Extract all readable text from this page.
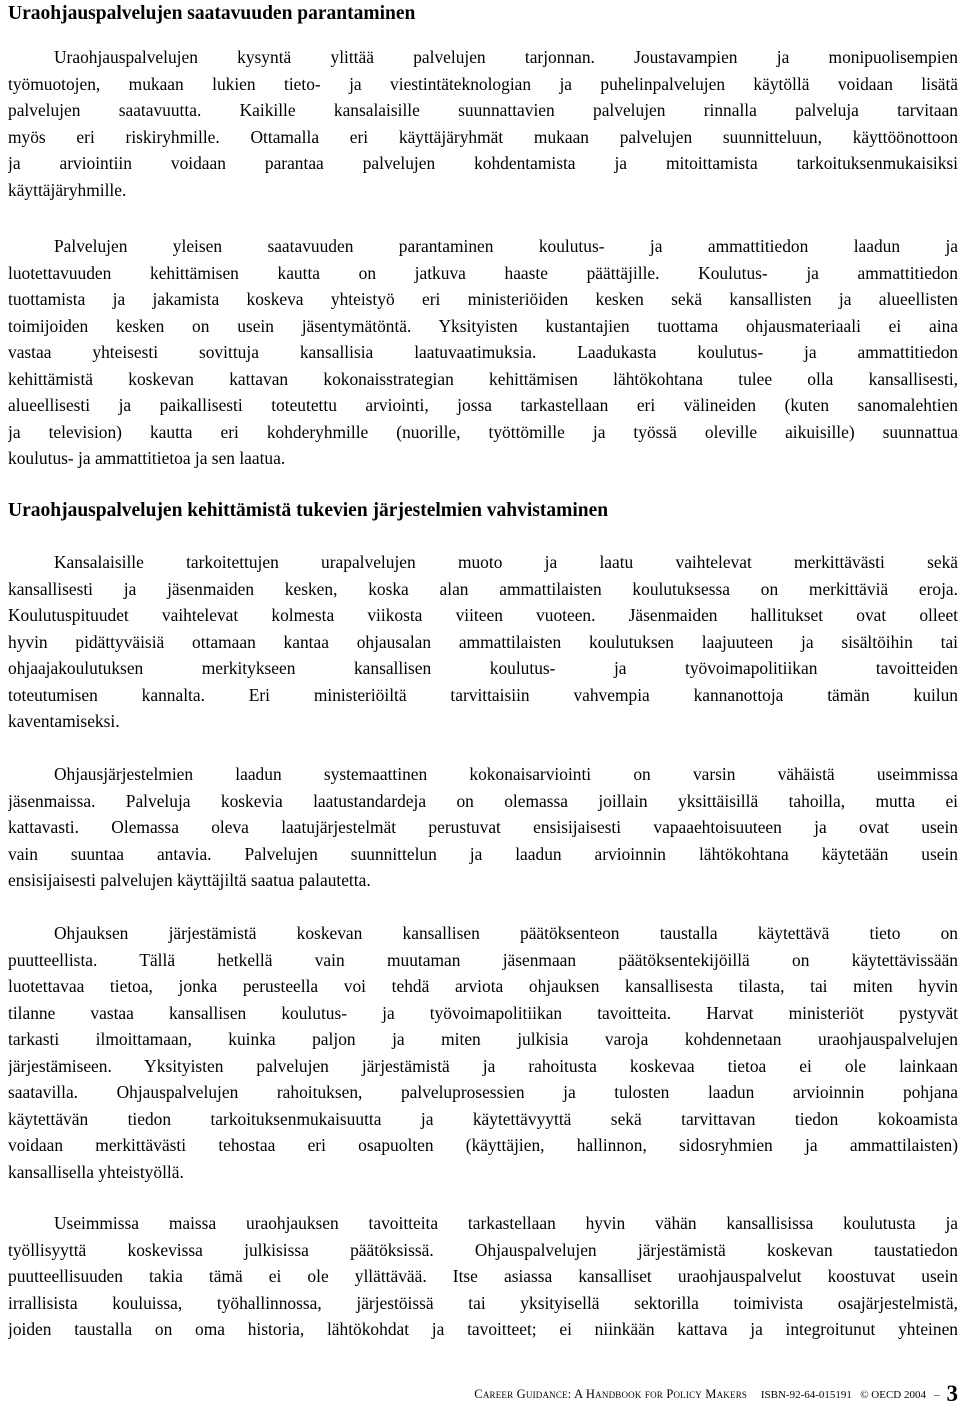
Uraohjauspalvelujen saatavuuden parantaminen
Uraohjauspalvelujen kysyntä ylittää palvelujen tarjonnan. Joustavampien ja monipuolisempien
työmuotojen, mukaan lukien tieto- ja viestintäteknologian ja puhelinpalvelujen käytöllä voidaan lisätä
palvelujen saatavuutta. Kaikille kansalaisille suunnattavien palvelujen rinnalla palveluja tarvitaan
myös eri riskiryhmille. Ottamalla eri käyttäjäryhmät mukaan palvelujen suunnitteluun, käyttöönottoon
ja arviointiin voidaan parantaa palvelujen kohdentamista ja mitoittamista tarkoituksenmukaisiksi
käyttäjäryhmille.
Palvelujen yleisen saatavuuden parantaminen koulutus- ja ammattitiedon laadun ja
luotettavuuden kehittämisen kautta on jatkuva haaste päättäjille. Koulutus- ja ammattitiedon
tuottamista ja jakamista koskeva yhteistyö eri ministeriöiden kesken sekä kansallisten ja alueellisten
toimijoiden kesken on usein jäsentymätöntä. Yksityisten kustantajien tuottama ohjausmateriaali ei aina
vastaa yhteisesti sovittuja kansallisia laatuvaatimuksia. Laadukasta koulutus- ja ammattitiedon
kehittämistä koskevan kattavan kokonaisstrategian kehittämisen lähtökohtana tulee olla kansallisesti,
alueellisesti ja paikallisesti toteutettu arviointi, jossa tarkastellaan eri välineiden (kuten sanomalehtien
ja television) kautta eri kohderyhmille (nuorille, työttömille ja työssä oleville aikuisille) suunnattua
koulutus- ja ammattitietoa ja sen laatua.
Uraohjauspalvelujen kehittämistä tukevien järjestelmien vahvistaminen
Kansalaisille tarkoitettujen urapalvelujen muoto ja laatu vaihtelevat merkittävästi sekä
kansallisesti ja jäsenmaiden kesken, koska alan ammattilaisten koulutuksessa on merkittäviä eroja.
Koulutuspituudet vaihtelevat kolmesta viikosta viiteen vuoteen. Jäsenmaiden hallitukset ovat olleet
hyvin pidättyväisiä ottamaan kantaa ohjausalan ammattilaisten koulutuksen laajuuteen ja sisältöihin tai
ohjaajakoulutuksen merkitykseen kansallisen koulutus- ja työvoimapolitiikan tavoitteiden
toteutumisen kannalta. Eri ministeriöiltä tarvittaisiin vahvempia kannanottoja tämän kuilun
kaventamiseksi.
Ohjausjärjestelmien laadun systemaattinen kokonaisarviointi on varsin vähäistä useimmissa
jäsenmaissa. Palveluja koskevia laatustandardeja on olemassa joillain yksittäisillä tahoilla, mutta ei
kattavasti. Olemassa oleva laatujärjestelmät perustuvat ensisijaisesti vapaaehtoisuuteen ja ovat usein
vain suuntaa antavia. Palvelujen suunnittelun ja laadun arvioinnin lähtökohtana käytetään usein
ensisijaisesti palvelujen käyttäjiltä saatua palautetta.
Ohjauksen järjestämistä koskevan kansallisen päätöksenteon taustalla käytettävä tieto on
puutteellista. Tällä hetkellä vain muutaman jäsenmaan päätöksentekijöillä on käytettävissään
luotettavaa tietoa, jonka perusteella voi tehdä arviota ohjauksen kansallisesta tilasta, tai miten hyvin
tilanne vastaa kansallisen koulutus- ja työvoimapolitiikan tavoitteita. Harvat ministeriöt pystyvät
tarkasti ilmoittamaan, kuinka paljon ja miten julkisia varoja kohdennetaan uraohjauspalvelujen
järjestämiseen. Yksityisten palvelujen järjestämistä ja rahoitusta koskevaa tietoa ei ole lainkaan
saatavilla. Ohjauspalvelujen rahoituksen, palveluprosessien ja tulosten laadun arvioinnin pohjana
käytettävän tiedon tarkoituksenmukaisuutta ja käytettävyyttä sekä tarvittavan tiedon kokoamista
voidaan merkittävästi tehostaa eri osapuolten (käyttäjien, hallinnon, sidosryhmien ja ammattilaisten)
kansallisella yhteistyöllä.
Useimmissa maissa uraohjauksen tavoitteita tarkastellaan hyvin vähän kansallisissa koulutusta ja
työllisyyttä koskevissa julkisissa päätöksissä. Ohjauspalvelujen järjestämistä koskevan taustatiedon
puutteellisuuden takia tämä ei ole yllättävää. Itse asiassa kansalliset uraohjauspalvelut koostuvat usein
irrallisista kouluissa, työhallinnossa, järjestöissä tai yksityisellä sektorilla toimivista osajärjestelmistä,
joiden taustalla on oma historia, lähtökohdat ja tavoitteet; ei niinkään kattava ja integroitunut yhteinen
Career Guidance: A Handbook for Policy Makers ISBN-92-64-015191 © OECD 2004 – 3
